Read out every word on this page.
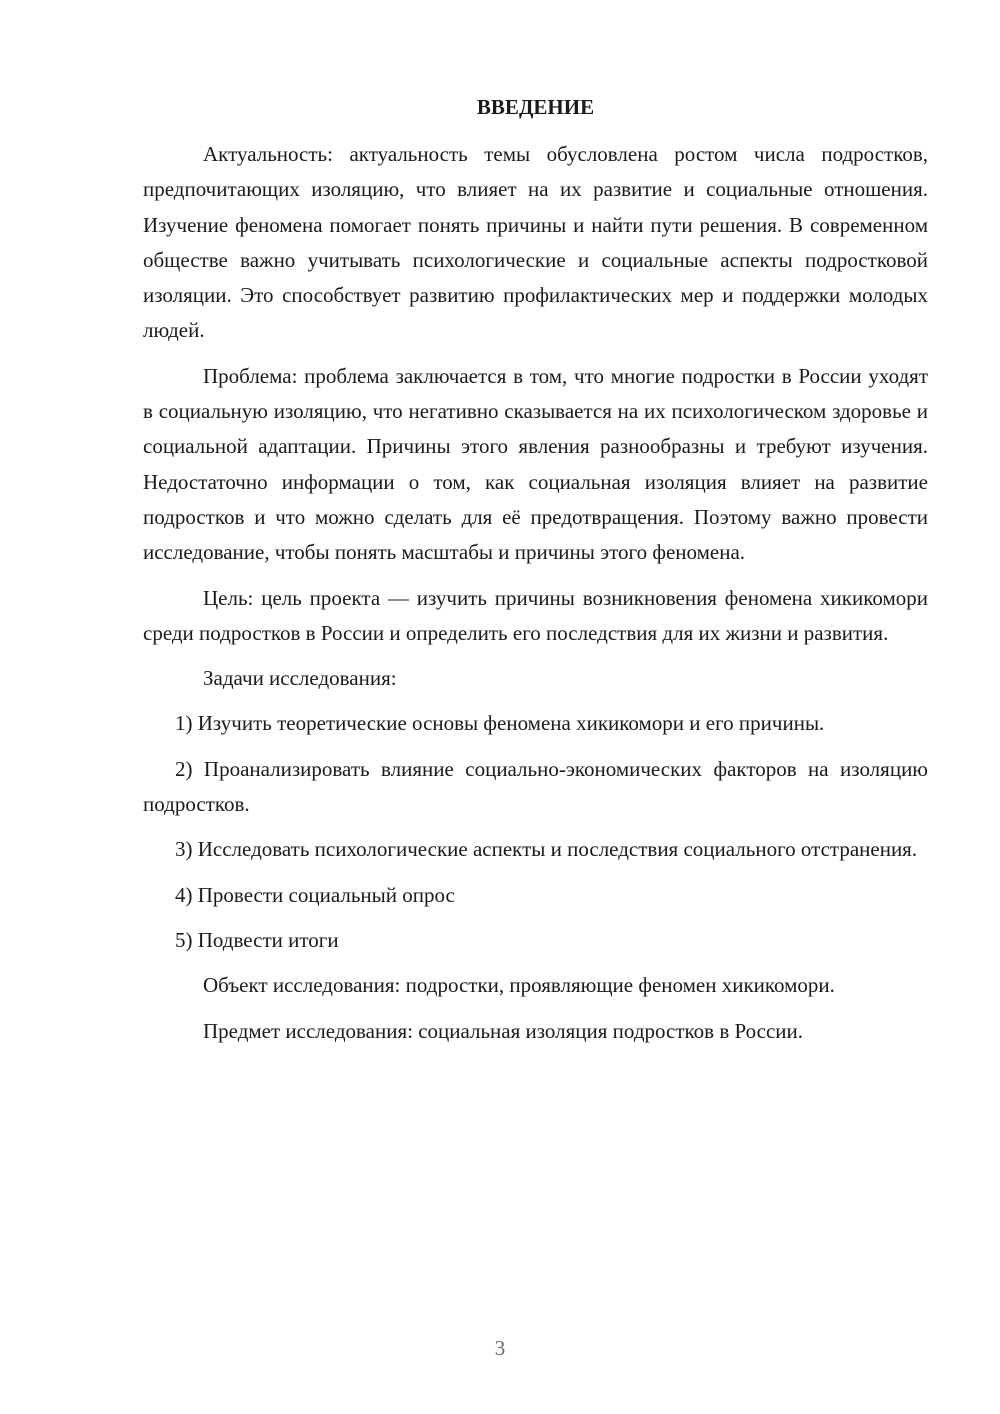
ВВЕДЕНИЕ

Актуальность: актуальность темы обусловлена ростом числа подростков, предпочитающих изоляцию, что влияет на их развитие и социальные отношения. Изучение феномена помогает понять причины и найти пути решения. В современном обществе важно учитывать психологические и социальные аспекты подростковой изоляции. Это способствует развитию профилактических мер и поддержки молодых людей.

Проблема: проблема заключается в том, что многие подростки в России уходят в социальную изоляцию, что негативно сказывается на их психологическом здоровье и социальной адаптации. Причины этого явления разнообразны и требуют изучения. Недостаточно информации о том, как социальная изоляция влияет на развитие подростков и что можно сделать для её предотвращения. Поэтому важно провести исследование, чтобы понять масштабы и причины этого феномена.

Цель: цель проекта — изучить причины возникновения феномена хикикомори среди подростков в России и определить его последствия для их жизни и развития.

Задачи исследования:

1) Изучить теоретические основы феномена хикикомори и его причины.

2) Проанализировать влияние социально-экономических факторов на изоляцию подростков.

3) Исследовать психологические аспекты и последствия социального отстранения.

4) Провести социальный опрос

5) Подвести итоги

Объект исследования: подростки, проявляющие феномен хикикомори.

Предмет исследования: социальная изоляция подростков в России.

3
